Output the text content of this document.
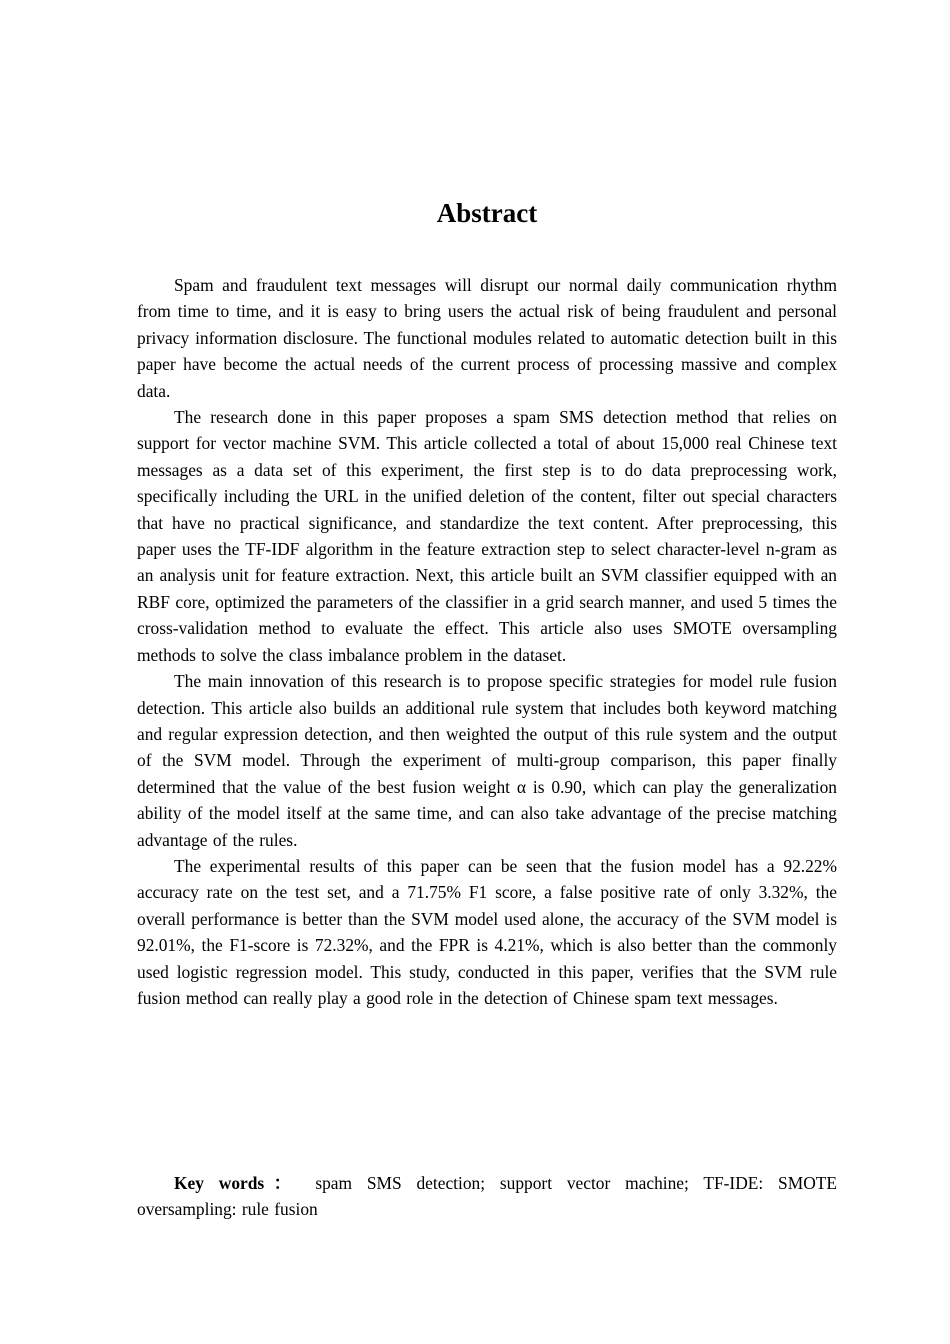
Abstract

Spam and fraudulent text messages will disrupt our normal daily communication rhythm from time to time, and it is easy to bring users the actual risk of being fraudulent and personal privacy information disclosure. The functional modules related to automatic detection built in this paper have become the actual needs of the current process of processing massive and complex data.

The research done in this paper proposes a spam SMS detection method that relies on support for vector machine SVM. This article collected a total of about 15,000 real Chinese text messages as a data set of this experiment, the first step is to do data preprocessing work, specifically including the URL in the unified deletion of the content, filter out special characters that have no practical significance, and standardize the text content. After preprocessing, this paper uses the TF-IDF algorithm in the feature extraction step to select character-level n-gram as an analysis unit for feature extraction. Next, this article built an SVM classifier equipped with an RBF core, optimized the parameters of the classifier in a grid search manner, and used 5 times the cross-validation method to evaluate the effect. This article also uses SMOTE oversampling methods to solve the class imbalance problem in the dataset.

The main innovation of this research is to propose specific strategies for model rule fusion detection. This article also builds an additional rule system that includes both keyword matching and regular expression detection, and then weighted the output of this rule system and the output of the SVM model. Through the experiment of multi-group comparison, this paper finally determined that the value of the best fusion weight α is 0.90, which can play the generalization ability of the model itself at the same time, and can also take advantage of the precise matching advantage of the rules.

The experimental results of this paper can be seen that the fusion model has a 92.22% accuracy rate on the test set, and a 71.75% F1 score, a false positive rate of only 3.32%, the overall performance is better than the SVM model used alone, the accuracy of the SVM model is 92.01%, the F1-score is 72.32%, and the FPR is 4.21%, which is also better than the commonly used logistic regression model. This study, conducted in this paper, verifies that the SVM rule fusion method can really play a good role in the detection of Chinese spam text messages.

Key words： spam SMS detection; support vector machine; TF-IDE: SMOTE oversampling: rule fusion
